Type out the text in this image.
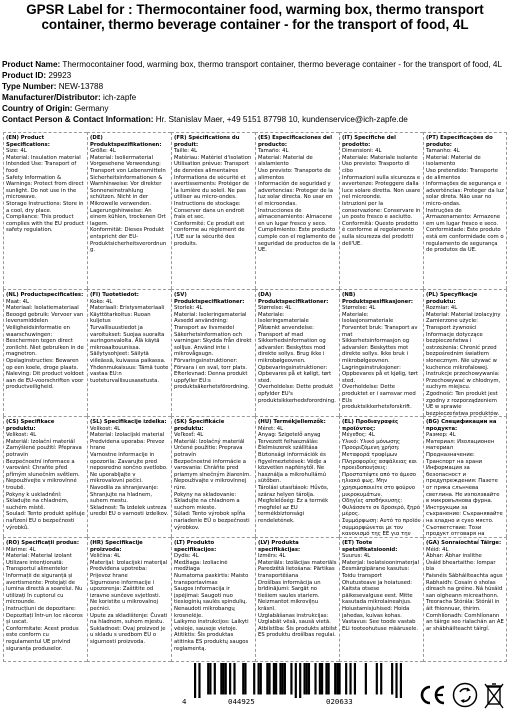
GPSR Label for : Thermocontainer food, warming box, thermo transport container, thermo beverage container - for the transport of food, 4L
Product Name: Thermocontainer food, warming box, thermo transport container, thermo beverage container - for the transport of food, 4L
Product ID: 29923
Type Number: NEW-13788
Manufacturer/Distributor: ich-zapfe
Country of Origin: Germany
Contact Person & Contact Information: Hr. Stanislav Maer, +49 5151 87798 10, kundenservice@ich-zapfe.de
(EN) Product Specifications:
Size: 4L
Material: Insulation material
Intended Use: Transport of food
Safety Information & Warnings: Protect from direct sunlight. Do not use in the microwave.
Storage Instructions: Store in a cool, dry place.
Compliance: This product complies with the EU product safety regulation.
(DE) Produktspezifikationen:
Größe: 4L
Material: Isoliermaterial
Vorgesehene Verwendung: Transport von Lebensmitteln
Sicherheitsinformationen & Warnhinweise: Vor direkter Sonneneinstrahlung schützen. Nicht in der Mikrowelle verwenden.
Lagerungshinweise: An einem kühlen, trockenen Ort lagern.
Konformität: Dieses Produkt entspricht der EU-Produktsicherheitsverordnung.
(FR) Spécifications du produit:
Taille: 4L
Matériau: Matériel d'isolation
Utilisation prévue: Transport de denrées alimentaires
Informations de sécurité et avertissements: Protéger de la lumière du soleil. Ne pas utiliser au micro-ondes.
Instructions de stockage: Conserver dans un endroit frais et sec.
Conformité: Ce produit est conforme au règlement de l'UE sur la sécurité des produits.
(ES) Especificaciones del producto:
Tamaño: 4L
Material: Material de aislamiento
Uso previsto: Transporte de alimentos
Información de seguridad y advertencias: Proteger de la luz solar directa. No usar en el microondas.
Instrucciones de almacenamiento: Almacene en un lugar fresco y seco.
Cumplimiento: Este producto cumple con el reglamento de seguridad de productos de la UE.
(IT) Specifiche del prodotto:
Dimensioni: 4L
Materiale: Materiale isolante
Uso previsto: Trasporto di cibo
Informazioni sulla sicurezza e avvertenze: Proteggere dalla luce solare diretta. Non usare nel microonde.
Istruzioni per la conservazione: Conservare in un posto fresco e asciutto.
Conformità: Questo prodotto è conforme al regolamento sulla sicurezza dei prodotti dell'UE.
(PT) Especificações do produto:
Tamanho: 4L
Material: Material de isolamento
Uso pretendido: Transporte de alimentos
Informações de segurança e advertências: Proteger da luz solar direta. Não usar no micro-ondas.
Instruções de Armazenamento: Armazene em um lugar fresco e seco.
Conformidade: Este produto está em conformidade com o regulamento de segurança de produtos da UE.
(NL) Productspecificaties:
Maat: 4L
Materiaal: Isolatiemateriaal
Beoogd gebruik: Vervoer van levensmiddelen
Veiligheidsinformatie en waarschuwingen: Beschermen tegen direct zonlicht. Niet gebruiken in de magnetron.
Opslaginstructies: Bewaren op een koele, droge plaats.
Naleving: Dit product voldoet aan de EU-voorschriften voor productveiligheid.
(FI) Tuotetiedot:
Koko: 4L
Materiaali: Eristysmateriaali
Käyttötarkoitus: Ruoan kuljetus
Turvallisuustiedot ja varoitukset: Suojaa suoralta auringonvalolta. Älä käytä mikroaaltouunissa.
Säilytysohjeet: Säilytä viileässä, kuivassa paikassa.
Yhdenmukaisuus: Tämä tuote vastaa EU:n tuoteturvallisuusasetusta.
(SV) Produktspecifikationer:
Storlek: 4L
Material: Isoleringsmaterial
Avsedd användning: Transport av livsmedel
Säkerhetsinformation och varningar: Skydda från direkt solljus. Använd inte i mikrovågsugn.
Förvaringsinstruktioner: Förvara i en sval, torr plats.
Efterlevnad: Denna produkt uppfyller EU:s produktsäkerhetsförordning.
(DA) Produktspecifikationer:
Størrelse: 4L
Materiale: Isoleringsmateriale
Påtænkt anvendelse: Transport af mad
Sikkerhedsinformation og advarsler: Beskyttes mod direkte sollys. Brug ikke i mikrobølgeovnen.
Opbevaringsinstruktioner: Opbevares på et køligt, tørt sted.
Overholdelse: Dette produkt opfylder EU's produktsikkerhedsforordning.
(NB) Produktspesifikasjoner:
Størrelse: 4L
Materiale: Isolasjonsmateriale
Forventet bruk: Transport av mat
Sikkerhetsinformasjon og advarsler: Beskyttes mot direkte sollys. Ikke bruk i mikrobølgeovnen.
Lagringsinstruksjoner: Oppbevares på et kjølig, tørt sted.
Overholdelse: Dette produktet er i samsvar med EUs produktsikkerhetsforskrift.
(PL) Specyfikacje produktu:
Rozmiar: 4L
Materiał: Materiał izolacyjny
Zamierzone użycie: Transport żywności
Informacje dotyczące bezpieczeństwa i ostrzeżenia: Chronić przed bezpośrednim światłem słonecznym. Nie używać w kuchence mikrofalowej.
Instrukcje przechowywania: Przechowywać w chłodnym, suchym miejscu.
Zgodność: Ten produkt jest zgodny z rozporządzeniem UE w sprawie bezpieczeństwa produktów.
(CS) Specifikace produktu:
Velikost: 4L
Materiál: Izolační materiál
Zamýšlené použití: Přeprava potravin
Bezpečnostní informace a varování: Chraňte před přímým slunečním světlem. Nepoužívejte v mikrovlnné troubě.
Pokyny k uskladnění: Skladujte na chladném, suchém místě.
Soulad: Tento produkt splňuje nařízení EU o bezpečnosti výrobků.
(SL) Specifikacije izdelka:
Velikost: 4L
Material: Izolacijski material
Predvidena uporaba: Prevoz hrane
Varnostne informacije in opozorila: Zavarujte pred neposredno sončno svetlobo. Ne uporabljajte v mikrovalovni pečici.
Navodila za shranjevanje: Shranjujte na hladnem, suhem mestu.
Skladnost: Ta izdelek ustreza uredbi EU o varnosti izdelkov.
(SK) Špecifikácie produktu:
Veľkosť: 4L
Materiál: Izolačný materiál
Určené použitie: Preprava potravín
Bezpečnostné informácie a varovania: Chráňte pred priamym slnečným žiarením. Nepoužívajte v mikrovlnnej rúre.
Pokyny na skladovanie: Skladujte na chladnom a suchom mieste.
Súlad: Tento výrobok spĺňa nariadenie EÚ o bezpečnosti výrobkov.
(HU) Termékjellemzők:
Méret: 4L
Anyag: Szigetelő anyag
Tervezett felhasználás: Élelmiszerek szállítása
Biztonsági információk és figyelmeztetések: Védje a közvetlen napfénytől. Ne használja a mikrohullámú sütőben.
Tárolási utasítások: Hűvös, száraz helyen tárolja.
Megfelelőség: Ez a termék megfelel az EU termékbiztonsági rendeletének.
(EL) Προδιαγραφές προϊόντος:
Μέγεθος: 4L
Υλικό: Υλικό μόνωσης
Προοριζόμενη χρήση: Μεταφορά τροφίμων
Πληροφορίες ασφάλειας και προειδοποιήσεις: Προστατέψτε από το άμεσο ηλιακό φως. Μην χρησιμοποιείτε στο φούρνο μικροκυμάτων.
Οδηγίες αποθήκευσης: Φυλάσσετε σε δροσερό, ξηρό μέρος.
Συμμόρφωση: Αυτό το προϊόν συμμορφώνεται με τον κανονισμό της ΕΕ για την
(BG) Спецификации на продукта:
Размер: 4L
Материал: Изолационен материал
Предназначение: Транспорт на храни
Информация за безопасност и предупреждения: Пазете от пряка слънчева светлина. Не използвайте в микровълнова фурна.
Инструкции за съхранение: Съхранявайте на хладно и сухо място.
Съответствие: Този продукт отговаря на
(RO) Specificații produs:
Mărime: 4L
Material: Material izolant
Utilizare intenționată: Transportul alimentelor
Informații de siguranță și avertismente: Protejați de lumina directă a soarelui. Nu utilizați în cuptorul cu microunde.
Instrucțiuni de depozitare: Depozitați într-un loc răcoros și uscat.
Conformitate: Acest produs este conform cu regulamentul UE privind siguranța produselor.
(HR) Specifikacije proizvoda:
Veličina: 4L
Materijal: Izolacijski materijal
Predviđena upotreba: Prijevoz hrane
Sigurnosne informacije i upozorenja: Zaštitite od izravne sunčeve svjetlosti. Ne koristite u mikrovalnoj pećnici.
Upute za skladištenje: Čuvati na hladnom, suhom mjestu.
Sukladnost: Ovaj proizvod je u skladu s uredbom EU o sigurnosti proizvoda.
(LT) Produkto specifikacijos:
Dydis: 4L
Medžiaga: Izoliacinė medžiaga
Numatoma paskirtis: Maisto transportavimas
Saugos informacija ir įspėjimai: Saugoti nuo tiesioginių saulės spindulių. Nenaudoti mikrobangų krosnelėje.
Laikymo instrukcijos: Laikyti vėsioje, sausoje vietoje.
Atitiktis: Šis produktas atitinka ES produktų saugos reglamentą.
(LV) Produkta specifikācijas:
Izmērs: 4L
Materiāls: Izolācijas materiāls
Paredzētā lietošana: Pārtikas transportēšana
Drošības informācija un brīdinājumi: Sargāt no tiešiem saules stariem. Neizmantot mikroviļņu krāsnī.
Uzglabāšanas instrukcijas: Uzglabāt vēsā, sausā vietā.
Atbilstība: Šis produkts atbilst ES produktu drošības regulai.
(ET) Toote spetsifikatsioonid:
Suurus: 4L
Materjal: Isolatsioonimaterjal
Eesmärgipärane kasutus: Toidu transport
Ohutusteave ja hoiatused: Kaitsta otsese päikesevalguse eest. Mitte kasutada mikrolaineahjus.
Hoiustamisjuhised: Hoida jahedas, kuivas kohas.
Vastavus: See toode vastab ELi tooteohutuse määrusele.
(GA) Sonraíochtaí Táirge:
Méid: 4L
Ábhar: Ábhar inslithe
Úsáid bheartaithe: Iompar bia
Faisnéis Sábháilteachta agus Rabhaidh: Cosain ó sholas díreach na gréine. Ná húsáid san oigheann micreathonn.
Treoracha Stórála: Stóráil in áit fhionnuar, thirim.
Comhlíonadh: Comhlíonann an táirge seo rialachán an AE ar shábháilteacht táirgí.
4	044925	020633
